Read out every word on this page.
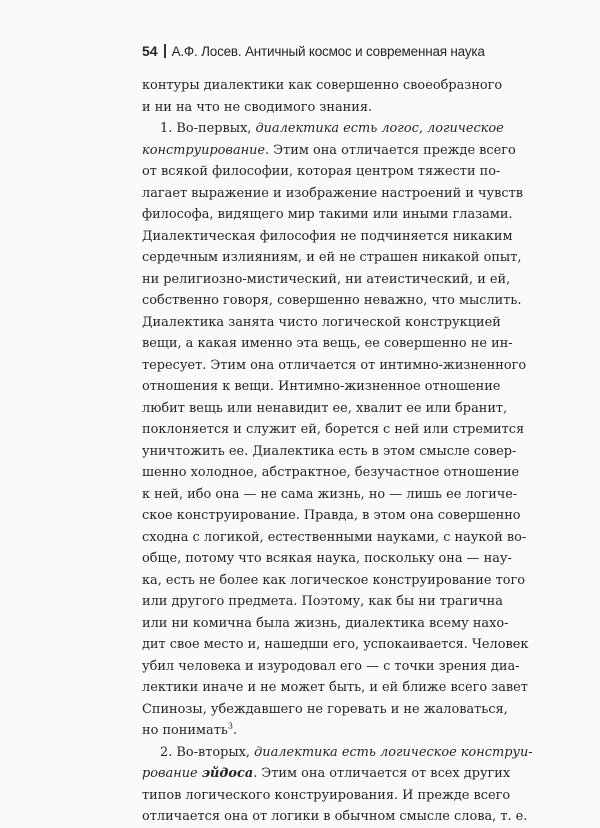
54 А.Ф. Лосев. Античный космос и современная наука
контуры диалектики как совершенно своеобразного
и ни на что не сводимого знания.
1. Во-первых, диалектика есть логос, логическое
конструирование. Этим она отличается прежде всего
от всякой философии, которая центром тяжести по-
лагает выражение и изображение настроений и чувств
философа, видящего мир такими или иными глазами.
Диалектическая философия не подчиняется никаким
сердечным излияниям, и ей не страшен никакой опыт,
ни религиозно-мистический, ни атеистический, и ей,
собственно говоря, совершенно неважно, что мыслить.
Диалектика занята чисто логической конструкцией
вещи, а какая именно эта вещь, ее совершенно не ин-
тересует. Этим она отличается от интимно-жизненного
отношения к вещи. Интимно-жизненное отношение
любит вещь или ненавидит ее, хвалит ее или бранит,
поклоняется и служит ей, борется с ней или стремится
уничтожить ее. Диалектика есть в этом смысле совер-
шенно холодное, абстрактное, безучастное отношение
к ней, ибо она — не сама жизнь, но — лишь ее логиче-
ское конструирование. Правда, в этом она совершенно
сходна с логикой, естественными науками, с наукой во-
обще, потому что всякая наука, поскольку она — нау-
ка, есть не более как логическое конструирование того
или другого предмета. Поэтому, как бы ни трагична
или ни комична была жизнь, диалектика всему нахо-
дит свое место и, нашедши его, успокаивается. Человек
убил человека и изуродовал его — с точки зрения диа-
лектики иначе и не может быть, и ей ближе всего завет
Спинозы, убеждавшего не горевать и не жаловаться,
но понимать$^3$.
2. Во-вторых, диалектика есть логическое конструи-
рование эйдоса. Этим она отличается от всех других
типов логического конструирования. И прежде всего
отличается она от логики в обычном смысле слова, т. е.
